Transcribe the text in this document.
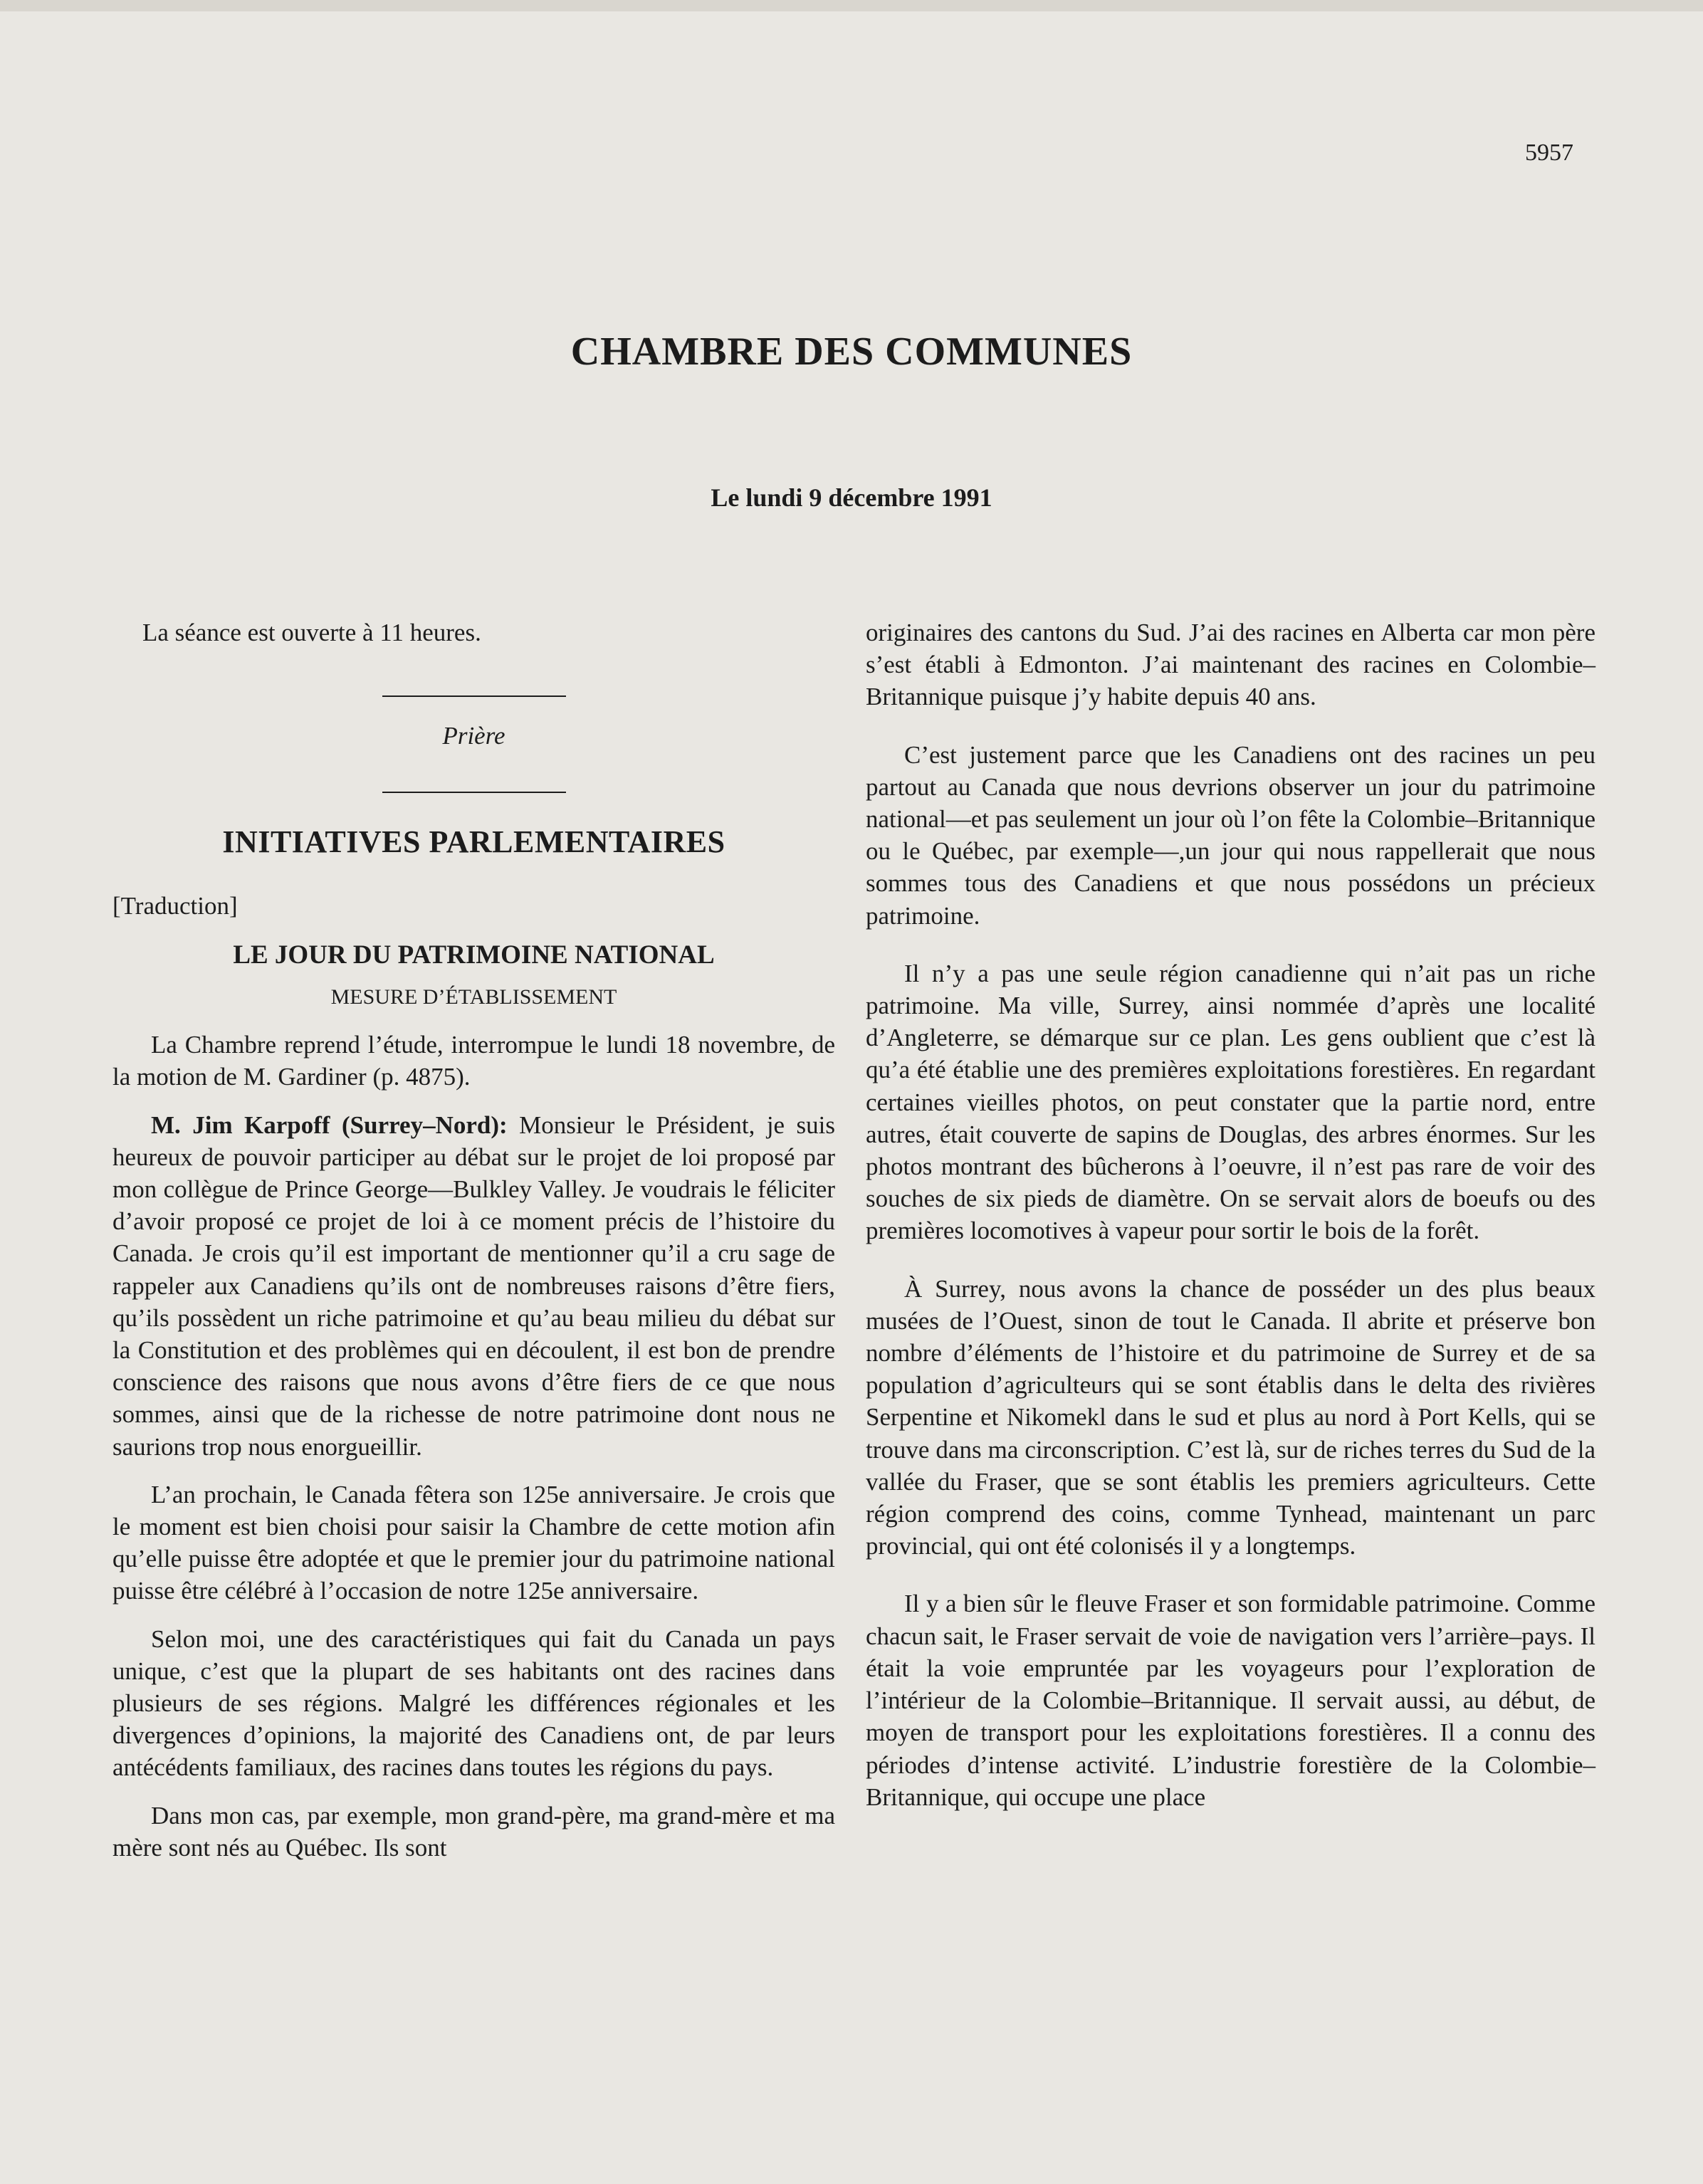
5957
CHAMBRE DES COMMUNES
Le lundi 9 décembre 1991

La séance est ouverte à 11 heures.

Prière
INITIATIVES PARLEMENTAIRES

[Traduction]

LE JOUR DU PATRIMOINE NATIONAL
MESURE D’ÉTABLISSEMENT

La Chambre reprend l’étude, interrompue le lundi 18 novembre, de la motion de M. Gardiner (p. 4875).

M. Jim Karpoff (Surrey–Nord): Monsieur le Président, je suis heureux de pouvoir participer au débat sur le projet de loi proposé par mon collègue de Prince George—Bulkley Valley. Je voudrais le féliciter d’avoir proposé ce projet de loi à ce moment précis de l’histoire du Canada. Je crois qu’il est important de mentionner qu’il a cru sage de rappeler aux Canadiens qu’ils ont de nombreuses raisons d’être fiers, qu’ils possèdent un riche patrimoine et qu’au beau milieu du débat sur la Constitution et des problèmes qui en découlent, il est bon de prendre conscience des raisons que nous avons d’être fiers de ce que nous sommes, ainsi que de la richesse de notre patrimoine dont nous ne saurions trop nous enorgueillir.

L’an prochain, le Canada fêtera son 125e anniversaire. Je crois que le moment est bien choisi pour saisir la Chambre de cette motion afin qu’elle puisse être adoptée et que le premier jour du patrimoine national puisse être célébré à l’occasion de notre 125e anniversaire.

Selon moi, une des caractéristiques qui fait du Canada un pays unique, c’est que la plupart de ses habitants ont des racines dans plusieurs de ses régions. Malgré les différences régionales et les divergences d’opinions, la majorité des Canadiens ont, de par leurs antécédents familiaux, des racines dans toutes les régions du pays.

Dans mon cas, par exemple, mon grand-père, ma grand-mère et ma mère sont nés au Québec. Ils sont

originaires des cantons du Sud. J’ai des racines en Alberta car mon père s’est établi à Edmonton. J’ai maintenant des racines en Colombie–Britannique puisque j’y habite depuis 40 ans.

C’est justement parce que les Canadiens ont des racines un peu partout au Canada que nous devrions observer un jour du patrimoine national—et pas seulement un jour où l’on fête la Colombie–Britannique ou le Québec, par exemple—,un jour qui nous rappellerait que nous sommes tous des Canadiens et que nous possédons un précieux patrimoine.

Il n’y a pas une seule région canadienne qui n’ait pas un riche patrimoine. Ma ville, Surrey, ainsi nommée d’après une localité d’Angleterre, se démarque sur ce plan. Les gens oublient que c’est là qu’a été établie une des premières exploitations forestières. En regardant certaines vieilles photos, on peut constater que la partie nord, entre autres, était couverte de sapins de Douglas, des arbres énormes. Sur les photos montrant des bûcherons à l’oeuvre, il n’est pas rare de voir des souches de six pieds de diamètre. On se servait alors de boeufs ou des premières locomotives à vapeur pour sortir le bois de la forêt.

À Surrey, nous avons la chance de posséder un des plus beaux musées de l’Ouest, sinon de tout le Canada. Il abrite et préserve bon nombre d’éléments de l’histoire et du patrimoine de Surrey et de sa population d’agriculteurs qui se sont établis dans le delta des rivières Serpentine et Nikomekl dans le sud et plus au nord à Port Kells, qui se trouve dans ma circonscription. C’est là, sur de riches terres du Sud de la vallée du Fraser, que se sont établis les premiers agriculteurs. Cette région comprend des coins, comme Tynhead, maintenant un parc provincial, qui ont été colonisés il y a longtemps.

Il y a bien sûr le fleuve Fraser et son formidable patrimoine. Comme chacun sait, le Fraser servait de voie de navigation vers l’arrière–pays. Il était la voie empruntée par les voyageurs pour l’exploration de l’intérieur de la Colombie–Britannique. Il servait aussi, au début, de moyen de transport pour les exploitations forestières. Il a connu des périodes d’intense activité. L’industrie forestière de la Colombie–Britannique, qui occupe une place
